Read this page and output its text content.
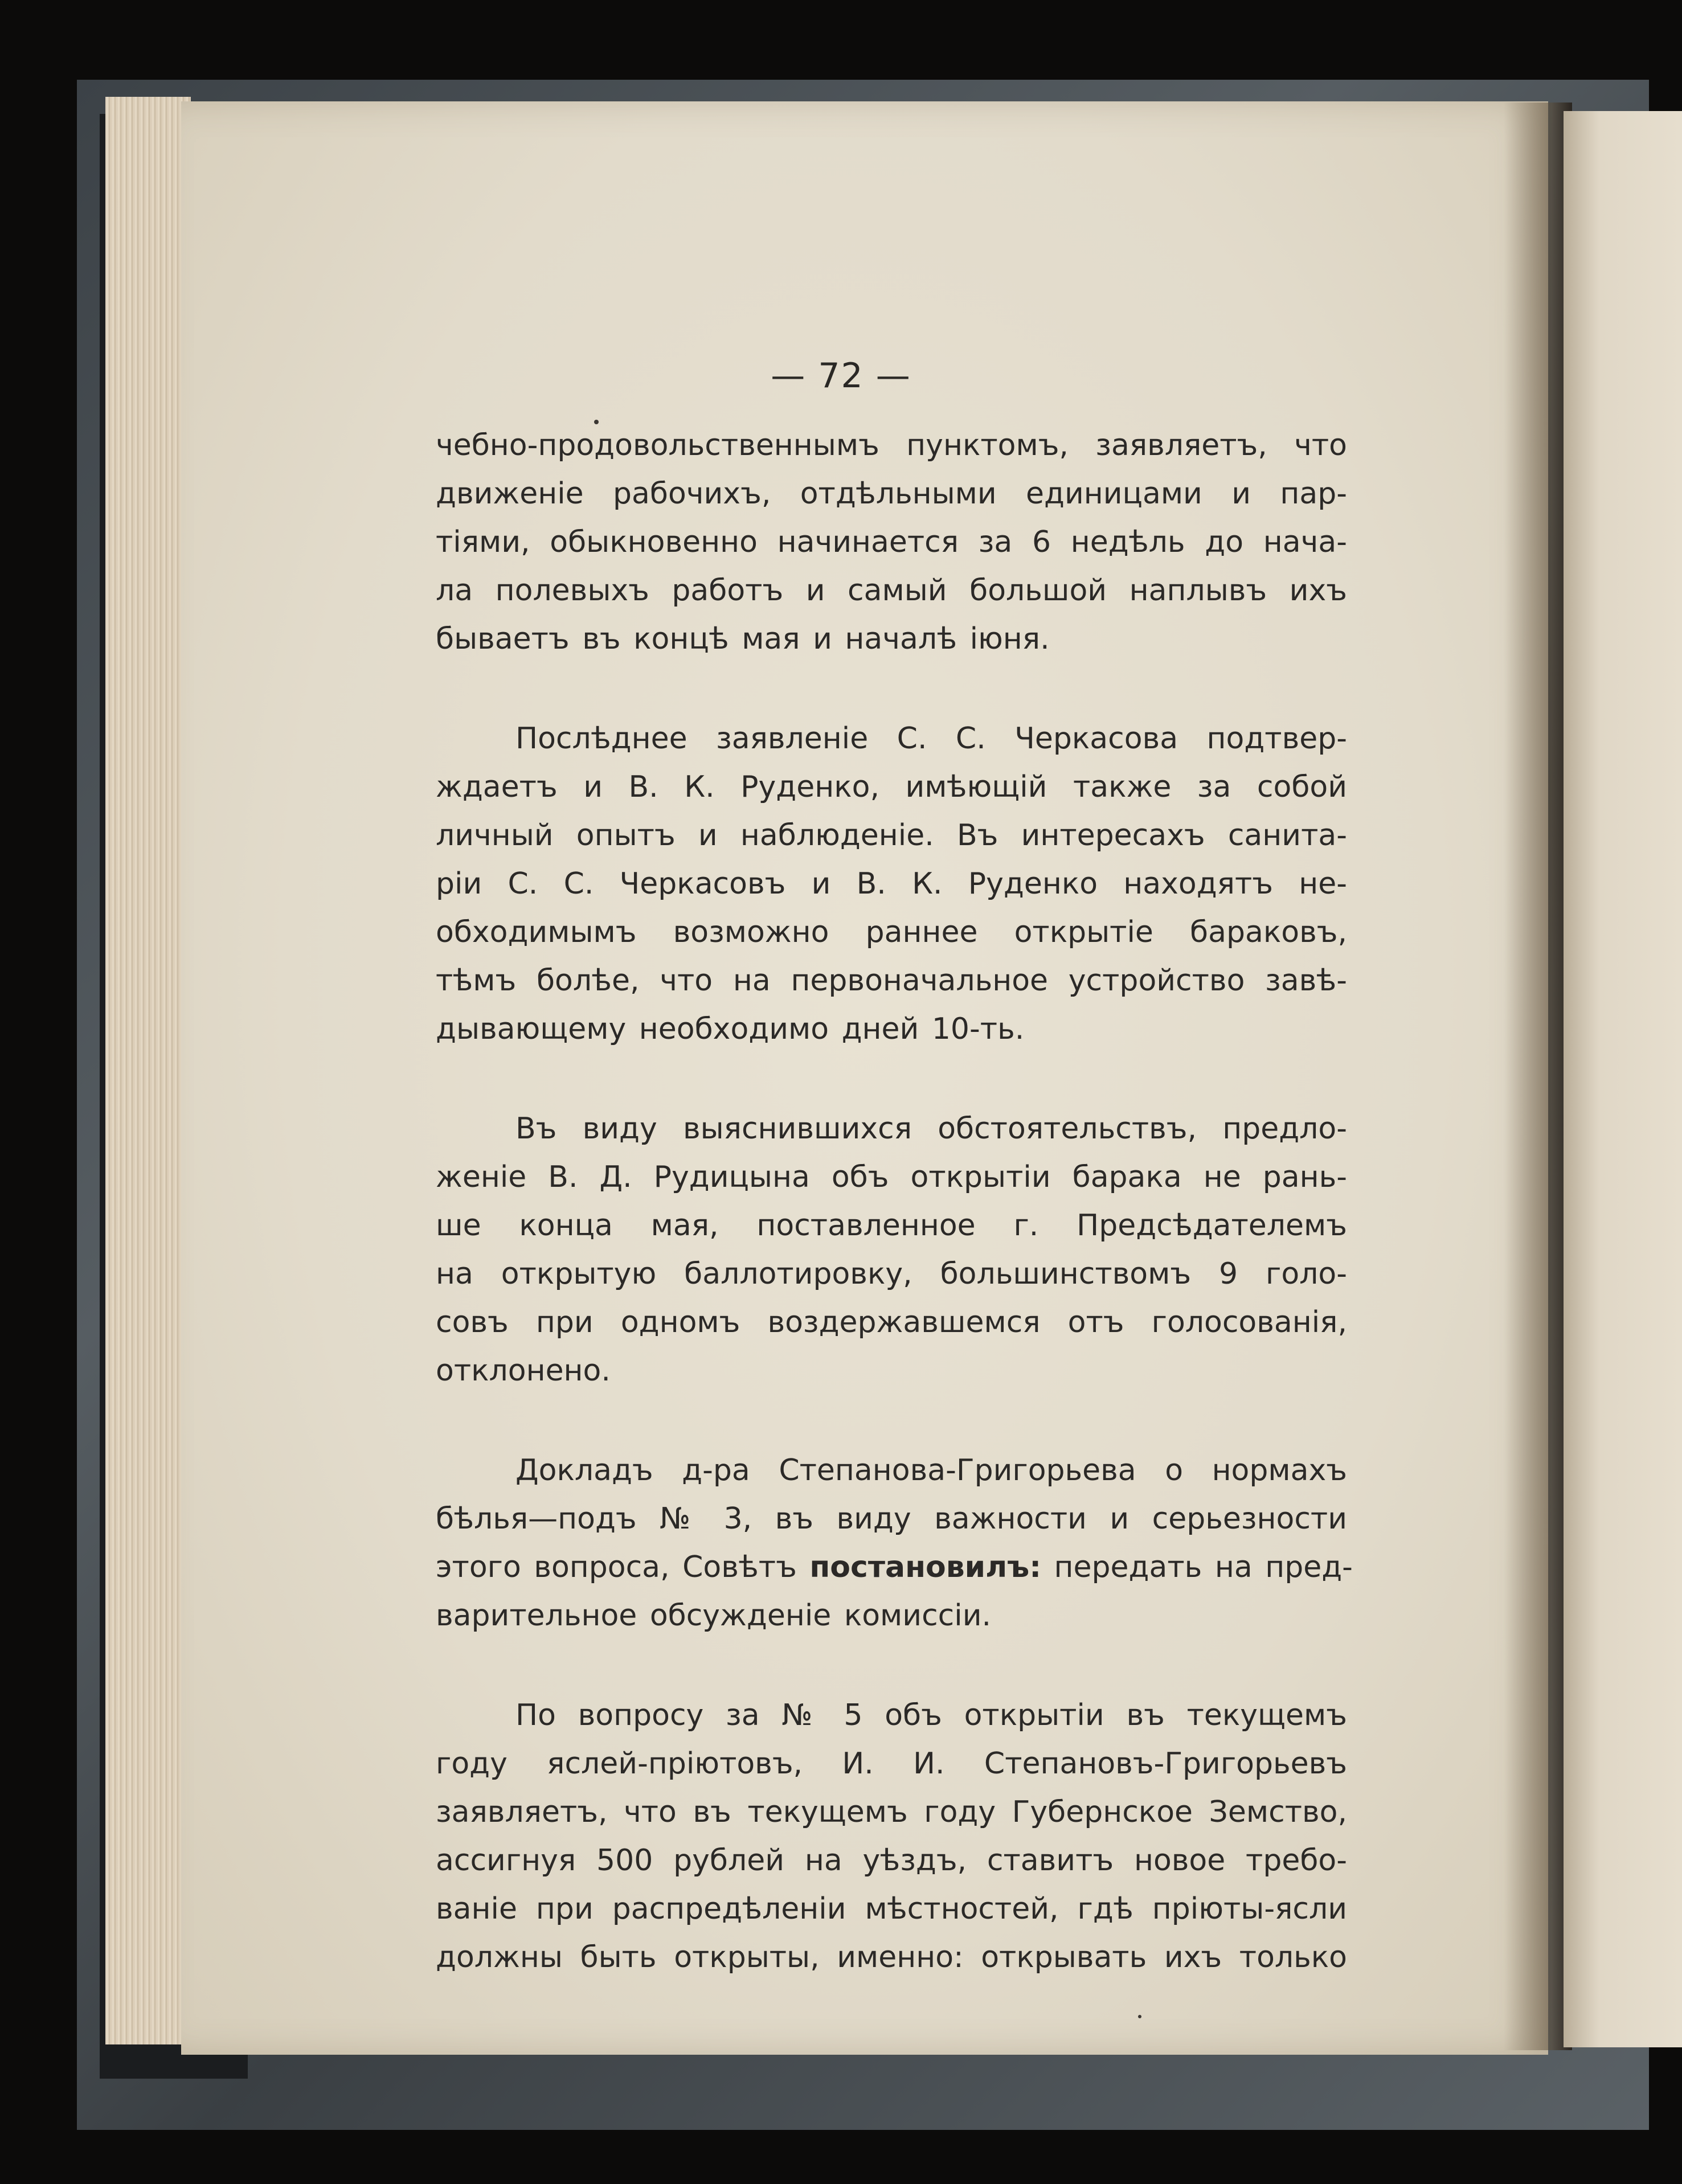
— 72 —
чебно-продовольственнымъ пунктомъ, заявляетъ, что
движенiе рабочихъ, отдѣльными единицами и пар-
тiями, обыкновенно начинается за 6 недѣль до нача-
ла полевыхъ работъ и самый большой наплывъ ихъ
бываетъ въ концѣ мая и началѣ iюня.
Послѣднее заявленiе С. С. Черкасова подтвер-
ждаетъ и В. К. Руденко, имѣющiй также за собой
личный опытъ и наблюденiе. Въ интересахъ санита-
рiи С. С. Черкасовъ и В. К. Руденко находятъ не-
обходимымъ возможно раннее открытiе бараковъ,
тѣмъ болѣе, что на первоначальное устройство завѣ-
дывающему необходимо дней 10-ть.
Въ виду выяснившихся обстоятельствъ, предло-
женiе В. Д. Рудицына объ открытiи барака не рань-
ше конца мая, поставленное г. Предсѣдателемъ
на открытую баллотировку, большинствомъ 9 голо-
совъ при одномъ воздержавшемся отъ голосованiя,
отклонено.
Докладъ д-ра Степанова-Григорьева о нормахъ
бѣлья—подъ № 3, въ виду важности и серьезности
этого вопроса, Совѣтъ постановилъ: передать на пред-
варительное обсужденiе комиссiи.
По вопросу за № 5 объ открытiи въ текущемъ
году яслей-прiютовъ, И. И. Степановъ-Григорьевъ
заявляетъ, что въ текущемъ году Губернское Земство,
ассигнуя 500 рублей на уѣздъ, ставитъ новое требо-
ванiе при распредѣленiи мѣстностей, гдѣ прiюты-ясли
должны быть открыты, именно: открывать ихъ только
